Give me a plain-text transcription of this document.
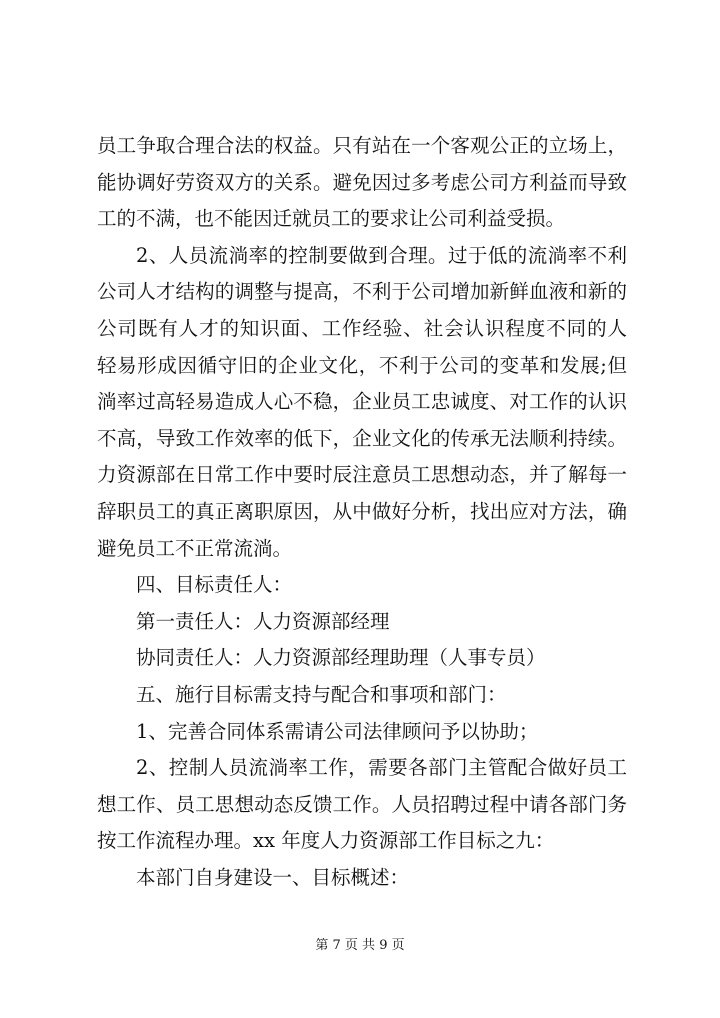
员工争取合理合法的权益。只有站在一个客观公正的立场上，
能协调好劳资双方的关系。避免因过多考虑公司方利益而导致
工的不满，也不能因迁就员工的要求让公司利益受损。
2、人员流淌率的控制要做到合理。过于低的流淌率不利
公司人才结构的调整与提高，不利于公司增加新鲜血液和新的
公司既有人才的知识面、工作经验、社会认识程度不同的人
轻易形成因循守旧的企业文化，不利于公司的变革和发展;但
淌率过高轻易造成人心不稳，企业员工忠诚度、对工作的认识
不高，导致工作效率的低下，企业文化的传承无法顺利持续。
力资源部在日常工作中要时辰注意员工思想动态，并了解每一
辞职员工的真正离职原因，从中做好分析，找出应对方法，确
避免员工不正常流淌。
四、目标责任人：
第一责任人：人力资源部经理
协同责任人：人力资源部经理助理（人事专员）
五、施行目标需支持与配合和事项和部门：
1、完善合同体系需请公司法律顾问予以协助；
2、控制人员流淌率工作，需要各部门主管配合做好员工
想工作、员工思想动态反馈工作。人员招聘过程中请各部门务
按工作流程办理。xx 年度人力资源部工作目标之九：
本部门自身建设一、目标概述：
第 7 页 共 9 页
